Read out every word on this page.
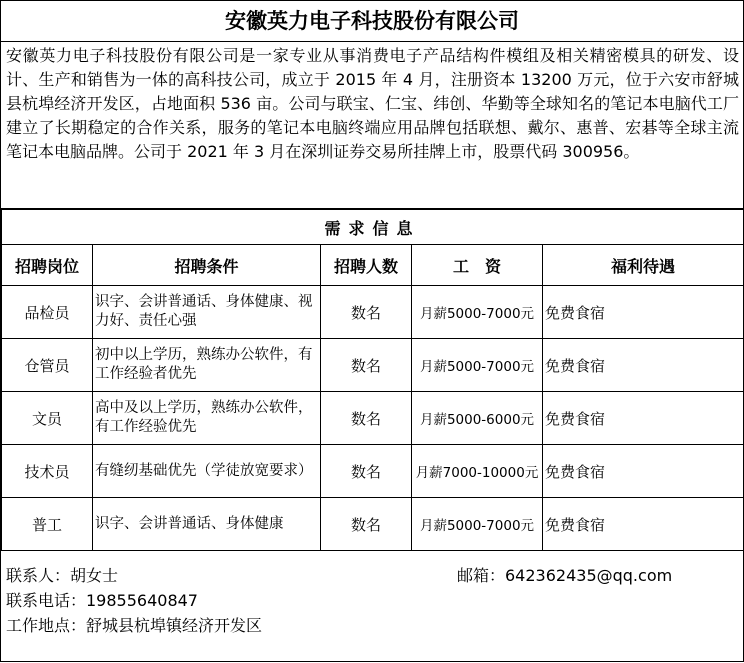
安徽英力电子科技股份有限公司
安徽英力电子科技股份有限公司是一家专业从事消费电子产品结构件模组及相关精密模具的研发、设计、生产和销售为一体的高科技公司，成立于 2015 年 4 月，注册资本 13200 万元，位于六安市舒城县杭埠经济开发区，占地面积 536 亩。公司与联宝、仁宝、纬创、华勤等全球知名的笔记本电脑代工厂建立了长期稳定的合作关系，服务的笔记本电脑终端应用品牌包括联想、戴尔、惠普、宏碁等全球主流笔记本电脑品牌。公司于 2021 年 3 月在深圳证券交易所挂牌上市，股票代码 300956。
需求信息				
招聘岗位	招聘条件	招聘人数	工　资	福利待遇
品检员	识字、会讲普通话、身体健康、视力好、责任心强	数名	月薪5000-7000元	免费食宿
仓管员	初中以上学历，熟练办公软件，有工作经验者优先	数名	月薪5000-7000元	免费食宿
文员	高中及以上学历，熟练办公软件，有工作经验优先	数名	月薪5000-6000元	免费食宿
技术员	有缝纫基础优先（学徒放宽要求）	数名	月薪7000-10000元	免费食宿
普工	识字、会讲普通话、身体健康	数名	月薪5000-7000元	免费食宿
联系人：胡女士	邮箱：642362435@qq.com
联系电话：19855640847
工作地点：舒城县杭埠镇经济开发区
